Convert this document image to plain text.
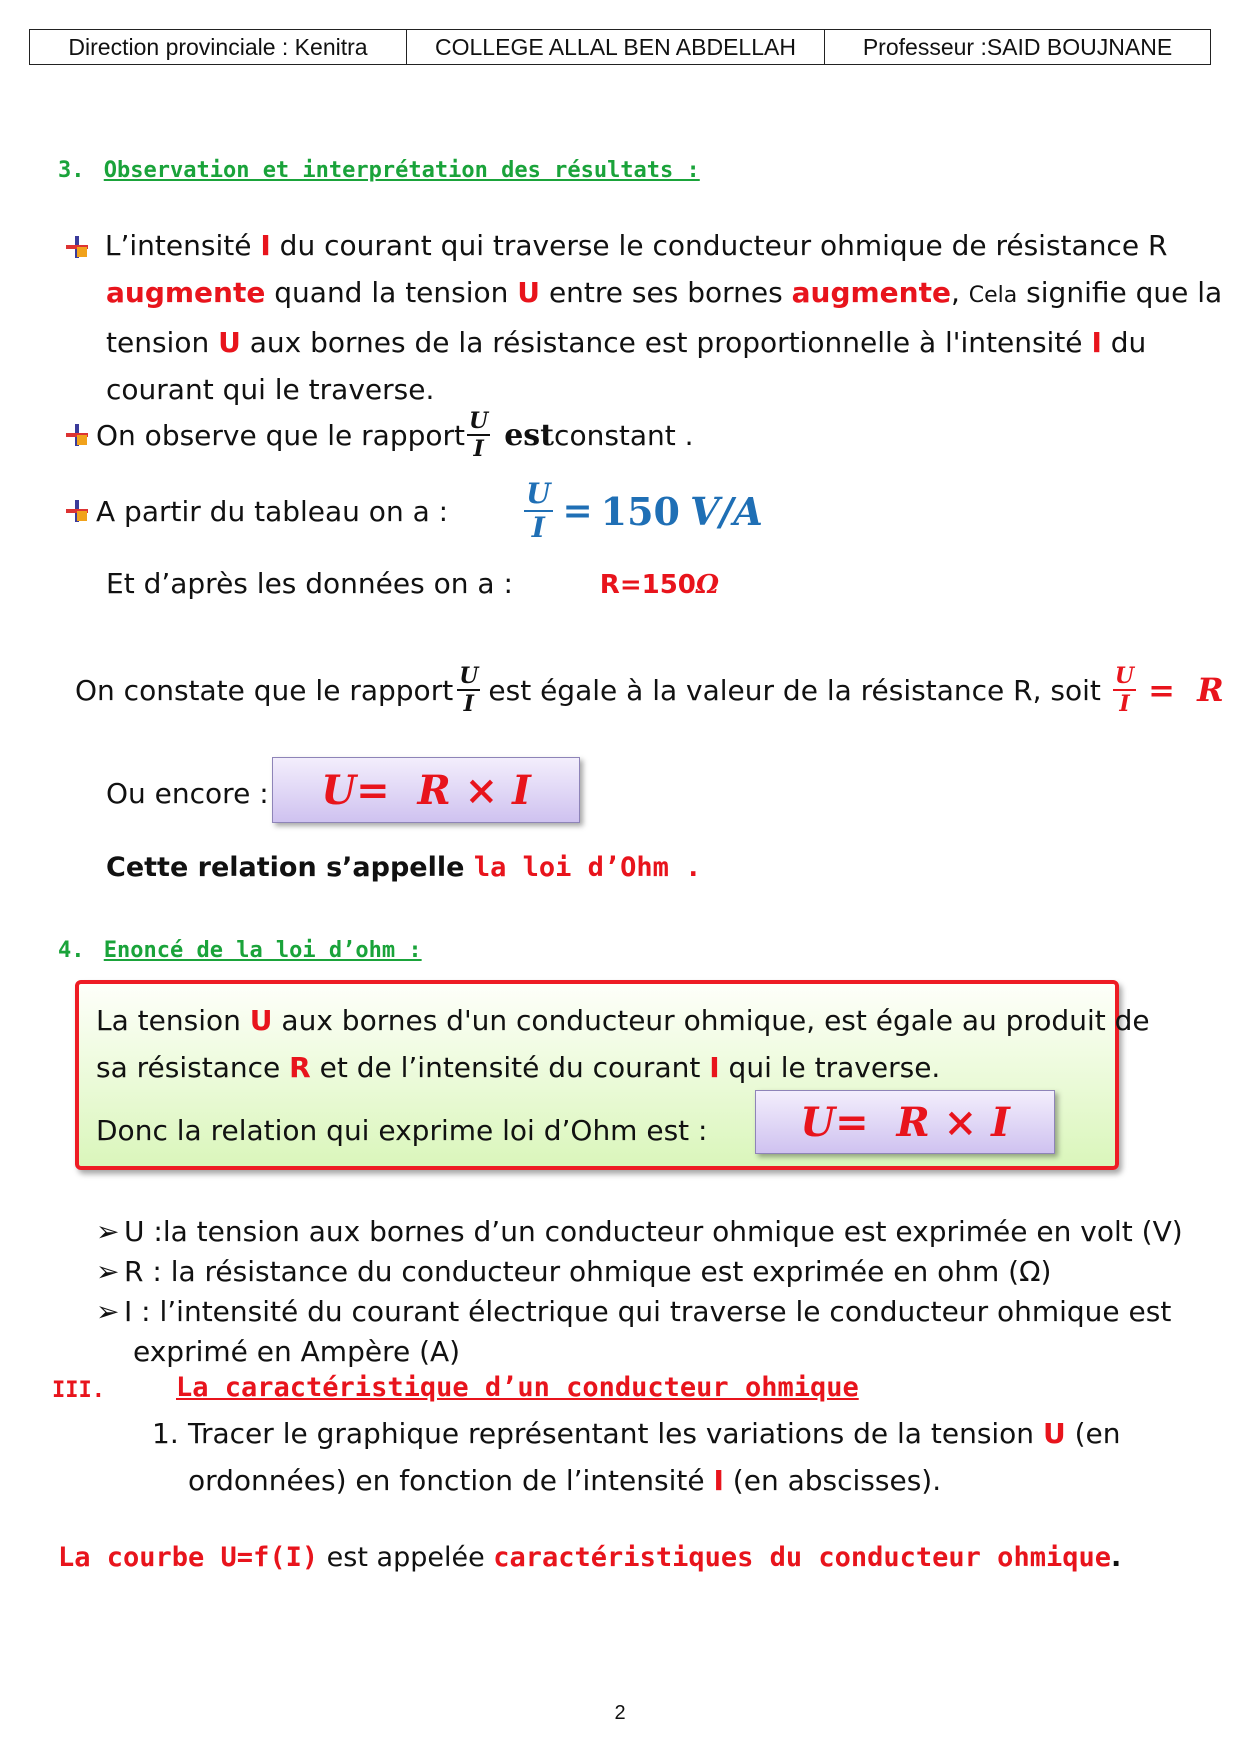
Direction provinciale : Kenitra	COLLEGE ALLAL BEN ABDELLAH	Professeur :SAID BOUJNANE
3. Observation et interprétation des résultats :
L’intensité I du courant qui traverse le conducteur ohmique de résistance R
augmente quand la tension U entre ses bornes augmente, Cela signifie que la
tension U aux bornes de la résistance est proportionnelle à l'intensité I du
courant qui le traverse.
On observe que le rapport $\frac{U}{I}$ est constant .
A partir du tableau on a :	$\frac{U}{I} = 150$ V/A
Et d’après les données on a :	R=150Ω
On constate que le rapport $\frac{U}{I}$ est égale à la valeur de la résistance R, soit $\frac{U}{I} = R$
Ou encore : U=  R × I
Cette relation s’appelle la loi d’Ohm .
4. Enoncé de la loi d’ohm :
La tension U aux bornes d'un conducteur ohmique, est égale au produit de
sa résistance R et de l’intensité du courant I qui le traverse.
Donc la relation qui exprime loi d’Ohm est : U=  R × I
➢ U :la tension aux bornes d’un conducteur ohmique est exprimée en volt (V)
➢ R : la résistance du conducteur ohmique est exprimée en ohm (Ω)
➢ I : l’intensité du courant électrique qui traverse le conducteur ohmique est
exprimé en Ampère (A)
III.	La caractéristique d’un conducteur ohmique
1. Tracer le graphique représentant les variations de la tension U (en
ordonnées) en fonction de l’intensité I (en abscisses).
La courbe U=f(I) est appelée caractéristiques du conducteur ohmique.
2
